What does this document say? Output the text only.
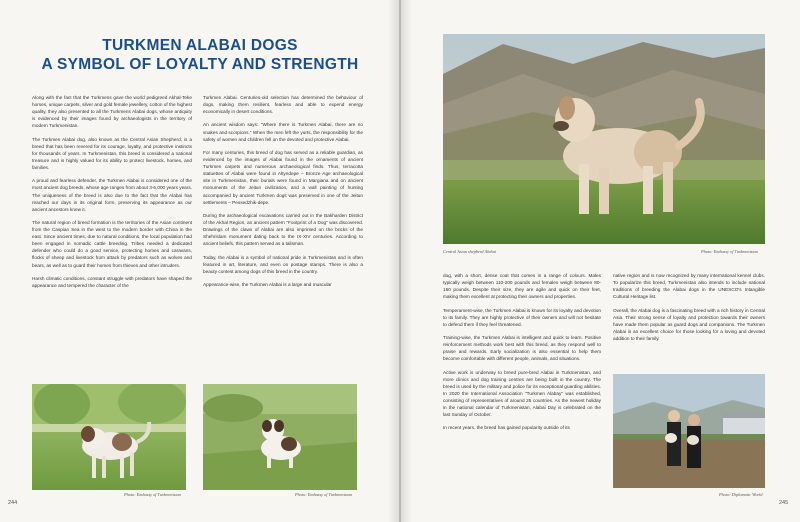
TURKMEN ALABAI DOGS
A SYMBOL OF LOYALTY AND STRENGTH

Along with the fact that the Turkmens gave the world pedigreed Akhal-Teke horses, unique carpets, silver and gold female jewellery, cotton of the highest quality, they also presented to all the Turkmens Alabai dogs, whose antiquity is evidenced by their images found by archaeologists in the territory of modern Turkmenistan.

The Turkmen Alabai dog, also known as the Central Asian Shepherd, is a breed that has been revered for its courage, loyalty, and protective instincts for thousands of years. In Turkmenistan, this breed is considered a national treasure and is highly valued for its ability to protect livestock, homes, and families.

A proud and fearless defender, the Turkmen Alabai is considered one of the most ancient dog breeds, whose age ranges from about 3-6,000 years years. The uniqueness of the breed is also due to the fact that the Alabai has reached our days in its original form, preserving its appearance as our ancient ancestors knew it.

The natural region of breed formation is the territories of the Asian continent from the Caspian Sea in the west to the modern border with China in the east. Since ancient times, due to natural conditions, the local population had been engaged in nomadic cattle breeding. Tribes needed a dedicated defender who could do a good service, protecting homes and caravans, flocks of sheep and livestock from attack by predators such as wolves and bears, as well as to guard their homes from thieves and other intruders.

Harsh climatic conditions, constant struggle with predators have shaped the appearance and tempered the character of the

Turkmen Alabai. Centuries-old selection has determined the behaviour of dogs, making them resilient, fearless and able to expend energy economically in desert conditions.

An ancient wisdom says: "Where there is Turkmen Alabai, there are no snakes and scorpions." When the men left the yurts, the responsibility for the safety of women and children fell on the devoted and protective Alabai.

For many centuries, this breed of dog has served as a reliable guardian, as evidenced by the images of Alabai found in the ornaments of ancient Turkmen carpets and numerous archaeological finds. Thus, terracotta statuettes of Alabai were found in Altyndepe – Bronze Age archaeological site in Turkmenistan, their burials were found in Margiana and on ancient monuments of the Jeitun civilization, and a wall painting of hunting accompanied by ancient Turkmen dogs was preserved in one of the Jeitun settlements – Pessedzhik-depe.

During the archaeological excavations carried out in the Bakharden District of the Akhal Region, an ancient pattern "Footprint of a Dog" was discovered. Drawings of the claws of Alabai are also imprinted on the bricks of the Shehrislam monument dating back to the IX-XIV centuries. According to ancient beliefs, this pattern served as a talisman.

Today, the Alabai is a symbol of national pride in Turkmenistan and is often featured in art, literature, and even on postage stamps. There is also a beauty contest among dogs of this breed in the country.

Appearance-wise, the Turkmen Alabai is a large and muscular

Photo: Embassy of Turkmenistan	Photo: Embassy of Turkmenistan
244
Central Asian shepherd Alabai	Photo: Embassy of Turkmenistan

dog, with a short, dense coat that comes in a range of colours. Males typically weigh between 110-200 pounds and females weigh between 80-150 pounds. Despite their size, they are agile and quick on their feet, making them excellent at protecting their owners and properties.

Temperament-wise, the Turkmen Alabai is known for its loyalty and devotion to its family. They are highly protective of their owners and will not hesitate to defend them if they feel threatened.

Training-wise, the Turkmen Alabai is intelligent and quick to learn. Positive reinforcement methods work best with this breed, as they respond well to praise and rewards. Early socialization is also essential to help them become comfortable with different people, animals, and situations.

Active work is underway to breed pure-bred Alabai in Turkmenistan, and more clinics and dog training centres are being built in the country. The breed is used by the military and police for its exceptional guarding abilities. In 2020 the International Association "Turkmen Alabay" was established, consisting of representatives of around 25 countries. As the newest holiday in the national calendar of Turkmenistan, Alabai Day is celebrated on the last Sunday of October.

In recent years, the breed has gained popularity outside of its

native region and is now recognized by many international kennel clubs. To popularize this breed, Turkmenistan also intends to include national traditions of breeding the Alabai dogs in the UNESCO's Intangible Cultural Heritage list.

Overall, the Alabai dog is a fascinating breed with a rich history in Central Asia. Their strong sense of loyalty and protection towards their owners have made them popular as guard dogs and companions. The Turkmen Alabai is an excellent choice for those looking for a loving and devoted addition to their family.

Photo: Diplomatic World
245
